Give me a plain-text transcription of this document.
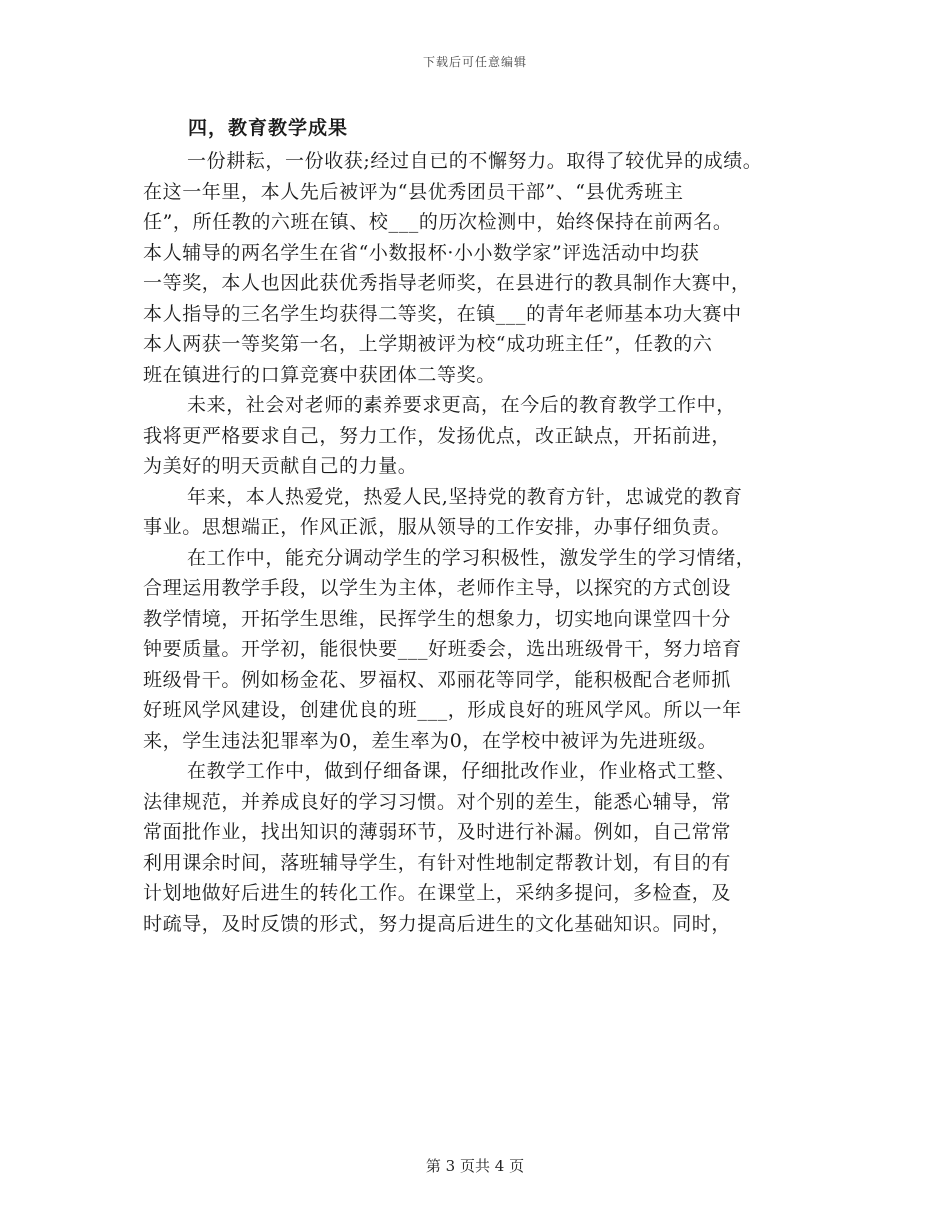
下载后可任意编辑
四，教育教学成果
一份耕耘，一份收获;经过自已的不懈努力。取得了较优异的成绩。
在这一年里，本人先后被评为“县优秀团员干部”、“县优秀班主
任”，所任教的六班在镇、校___的历次检测中，始终保持在前两名。
本人辅导的两名学生在省“小数报杯·小小数学家”评选活动中均获
一等奖，本人也因此获优秀指导老师奖，在县进行的教具制作大赛中，
本人指导的三名学生均获得二等奖，在镇___的青年老师基本功大赛中
本人两获一等奖第一名，上学期被评为校“成功班主任”，任教的六
班在镇进行的口算竞赛中获团体二等奖。
未来，社会对老师的素养要求更高，在今后的教育教学工作中，
我将更严格要求自己，努力工作，发扬优点，改正缺点，开拓前进，
为美好的明天贡献自己的力量。
年来，本人热爱党，热爱人民,坚持党的教育方针，忠诚党的教育
事业。思想端正，作风正派，服从领导的工作安排，办事仔细负责。
在工作中，能充分调动学生的学习积极性，激发学生的学习情绪，
合理运用教学手段，以学生为主体，老师作主导，以探究的方式创设
教学情境，开拓学生思维，民挥学生的想象力，切实地向课堂四十分
钟要质量。开学初，能很快要___好班委会，选出班级骨干，努力培育
班级骨干。例如杨金花、罗福权、邓丽花等同学，能积极配合老师抓
好班风学风建设，创建优良的班___，形成良好的班风学风。所以一年
来，学生违法犯罪率为0，差生率为0，在学校中被评为先进班级。
在教学工作中，做到仔细备课，仔细批改作业，作业格式工整、
法律规范，并养成良好的学习习惯。对个别的差生，能悉心辅导，常
常面批作业，找出知识的薄弱环节，及时进行补漏。例如，自己常常
利用课余时间，落班辅导学生，有针对性地制定帮教计划，有目的有
计划地做好后进生的转化工作。在课堂上，采纳多提问，多检查，及
时疏导，及时反馈的形式，努力提高后进生的文化基础知识。同时，
第 3 页共 4 页
